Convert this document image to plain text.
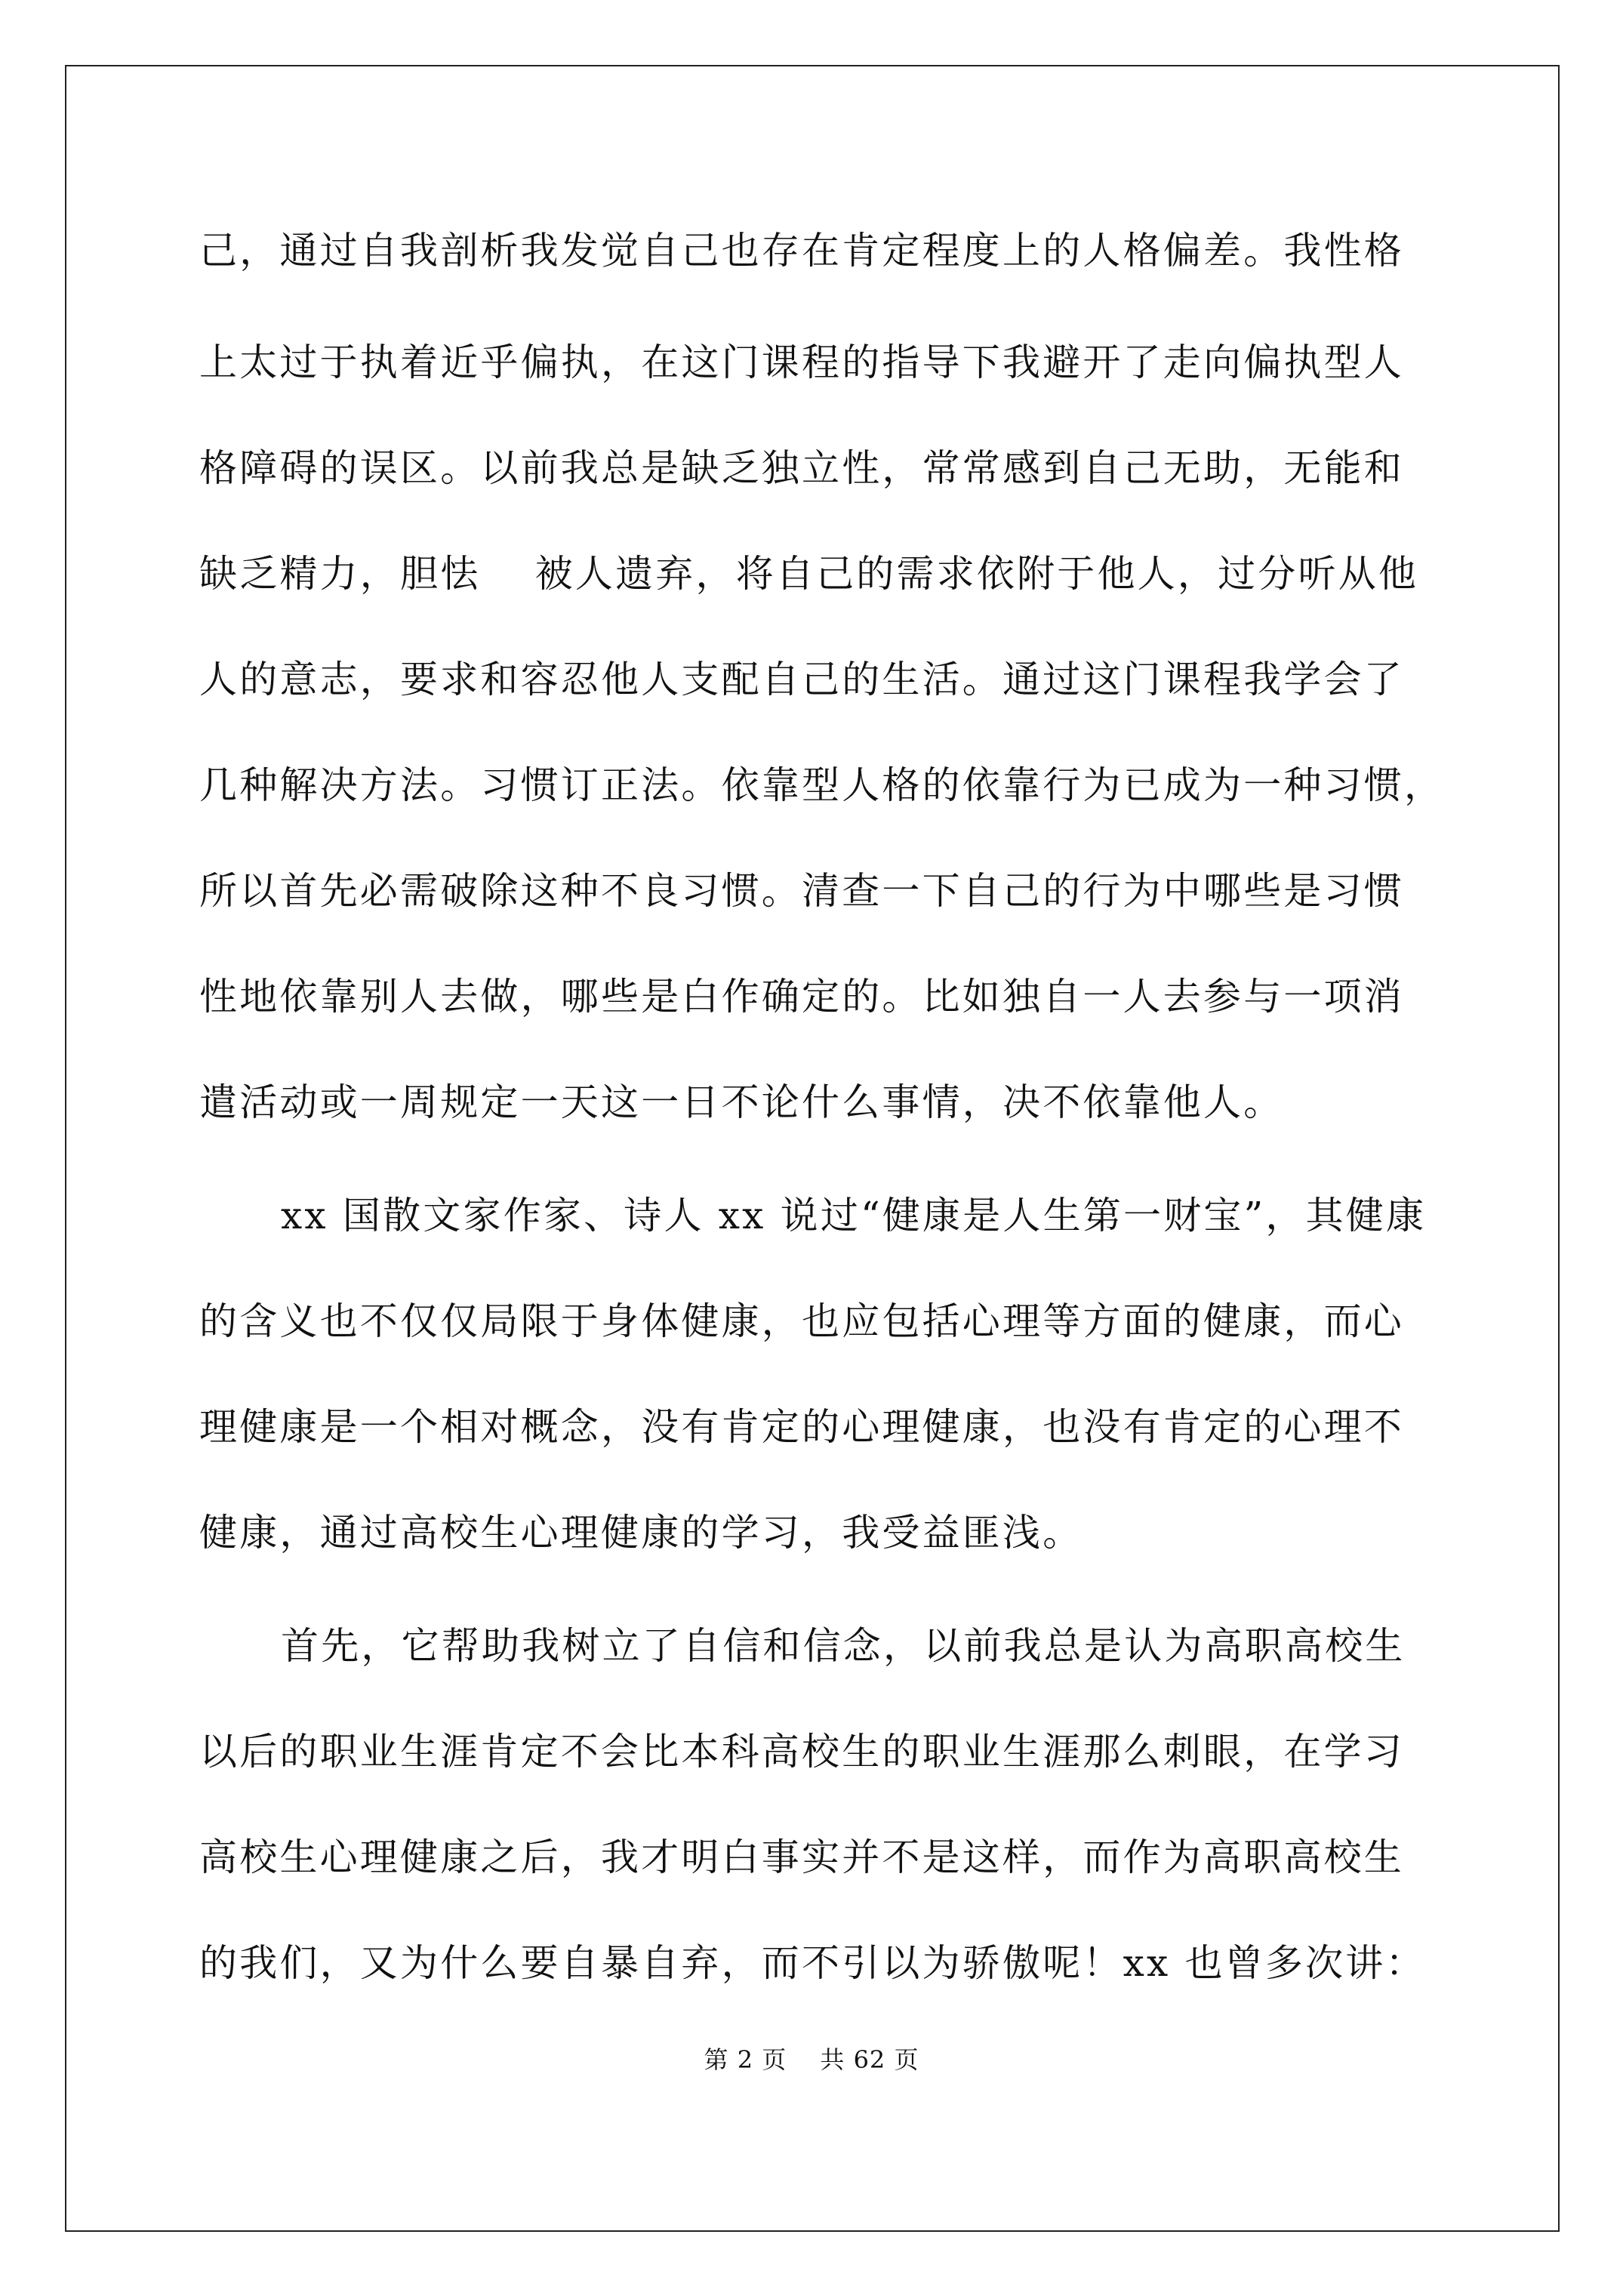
己，通过自我剖析我发觉自己也存在肯定程度上的人格偏差。我性格
上太过于执着近乎偏执，在这门课程的指导下我避开了走向偏执型人
格障碍的误区。以前我总是缺乏独立性，常常感到自己无助，无能和
缺乏精力，胆怯　 被人遗弃，将自己的需求依附于他人，过分听从他
人的意志，要求和容忍他人支配自己的生活。通过这门课程我学会了
几种解决方法。习惯订正法。依靠型人格的依靠行为已成为一种习惯，
所以首先必需破除这种不良习惯。清查一下自己的行为中哪些是习惯
性地依靠别人去做，哪些是白作确定的。比如独自一人去参与一项消
遣活动或一周规定一天这一日不论什么事情，决不依靠他人。
xx 国散文家作家、诗人 xx 说过“健康是人生第一财宝”，其健康
的含义也不仅仅局限于身体健康，也应包括心理等方面的健康，而心
理健康是一个相对概念，没有肯定的心理健康，也没有肯定的心理不
健康，通过高校生心理健康的学习，我受益匪浅。
首先，它帮助我树立了自信和信念，以前我总是认为高职高校生
以后的职业生涯肯定不会比本科高校生的职业生涯那么刺眼，在学习
高校生心理健康之后，我才明白事实并不是这样，而作为高职高校生
的我们，又为什么要自暴自弃，而不引以为骄傲呢！xx 也曾多次讲：
第 2 页　 共 62 页
